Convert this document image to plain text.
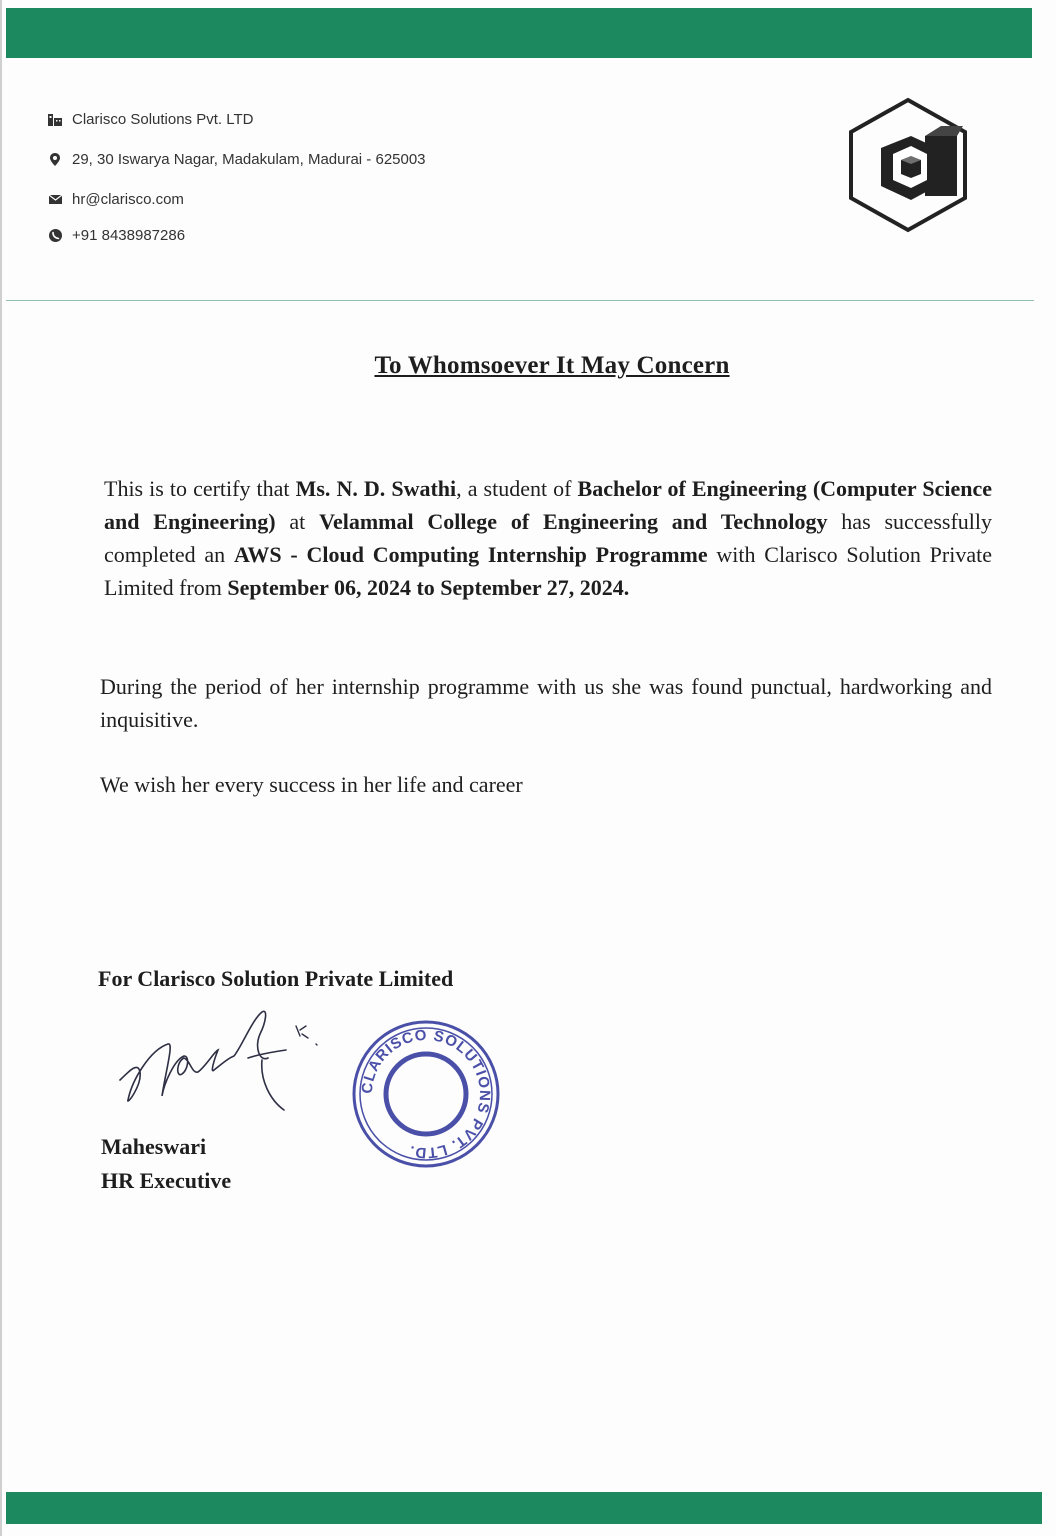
Clarisco Solutions Pvt. LTD
29, 30 Iswarya Nagar, Madakulam, Madurai - 625003
hr@clarisco.com
+91 8438987286
To Whomsoever It May Concern
This is to certify that Ms. N. D. Swathi, a student of Bachelor of Engineering (Computer Science and Engineering) at Velammal College of Engineering and Technology has successfully completed an AWS - Cloud Computing Internship Programme with Clarisco Solution Private Limited from September 06, 2024 to September 27, 2024.
During the period of her internship programme with us she was found punctual, hardworking and inquisitive.
We wish her every success in her life and career
For Clarisco Solution Private Limited
CLARISCO SOLUTIONS PVT. LTD.
Maheswari
HR Executive
